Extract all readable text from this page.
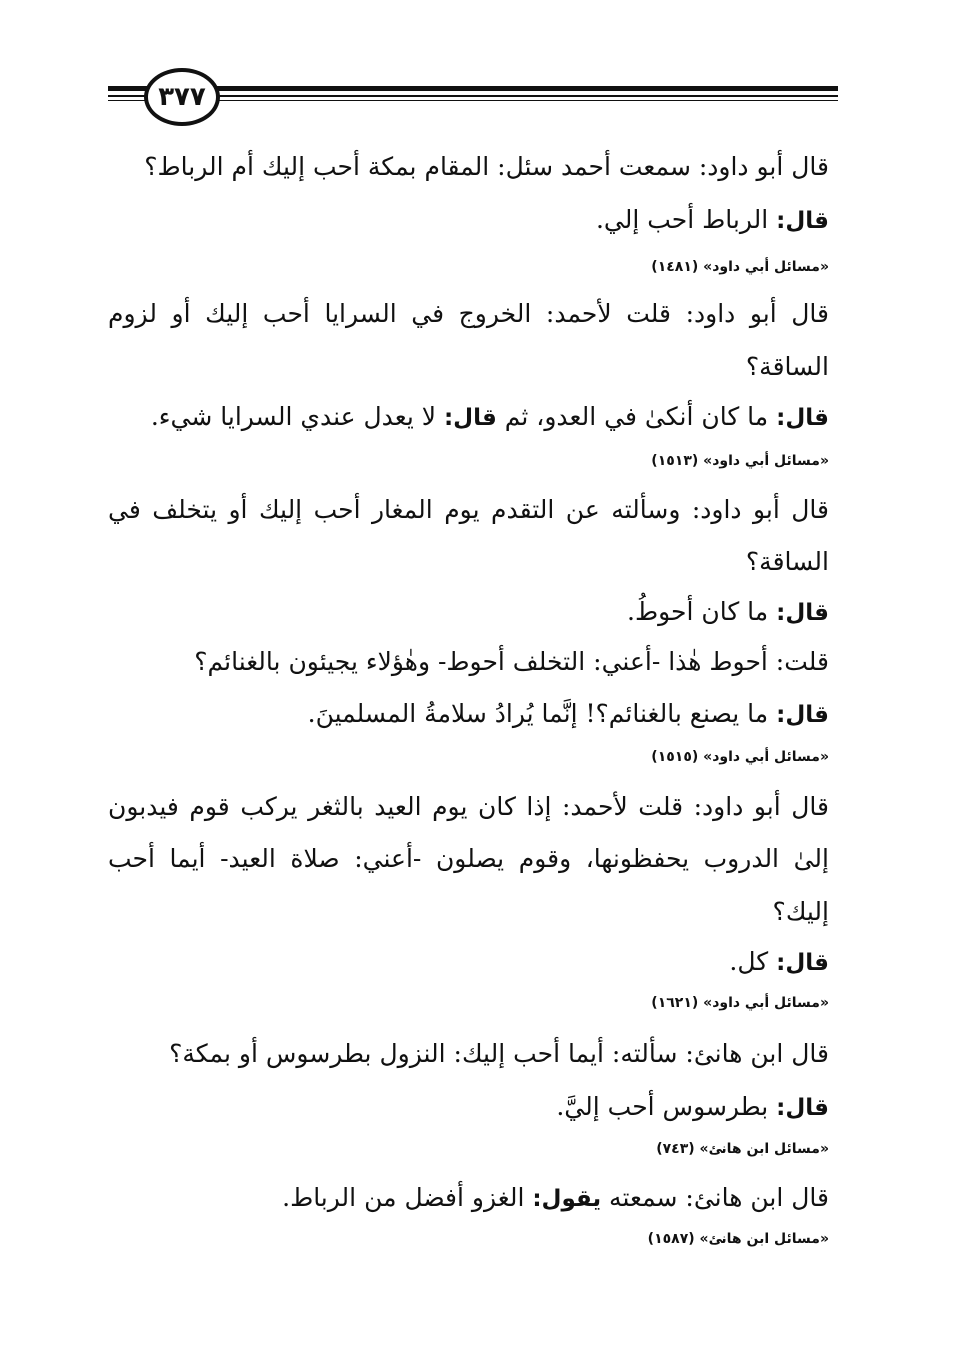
٣٧٧
قال أبو داود: سمعت أحمد سئل: المقام بمكة أحب إليك أم الرباط؟
قال: الرباط أحب إلي.
«مسائل أبي داود» (١٤٨١)
قال أبو داود: قلت لأحمد: الخروج في السرايا أحب إليك أو لزوم
الساقة؟
قال: ما كان أنكىٰ في العدو، ثم قال: لا يعدل عندي السرايا شيء.
«مسائل أبي داود» (١٥١٣)
قال أبو داود: وسألته عن التقدم يوم المغار أحب إليك أو يتخلف في
الساقة؟
قال: ما كان أحوطُ.
قلت: أحوط هٰذا -أعني: التخلف أحوط- وهٰؤلاء يجيئون بالغنائم؟
قال: ما يصنع بالغنائم؟! إنَّما يُرادُ سلامةُ المسلمينَ.
«مسائل أبي داود» (١٥١٥)
قال أبو داود: قلت لأحمد: إذا كان يوم العيد بالثغر يركب قوم فيدبون
إلىٰ الدروب يحفظونها، وقوم يصلون -أعني: صلاة العيد- أيما أحب
إليك؟
قال: كل.
«مسائل أبي داود» (١٦٢١)
قال ابن هانئ: سألته: أيما أحب إليك: النزول بطرسوس أو بمكة؟
قال: بطرسوس أحب إليَّ.
«مسائل ابن هانئ» (٧٤٣)
قال ابن هانئ: سمعته يقول: الغزو أفضل من الرباط.
«مسائل ابن هانئ» (١٥٨٧)
